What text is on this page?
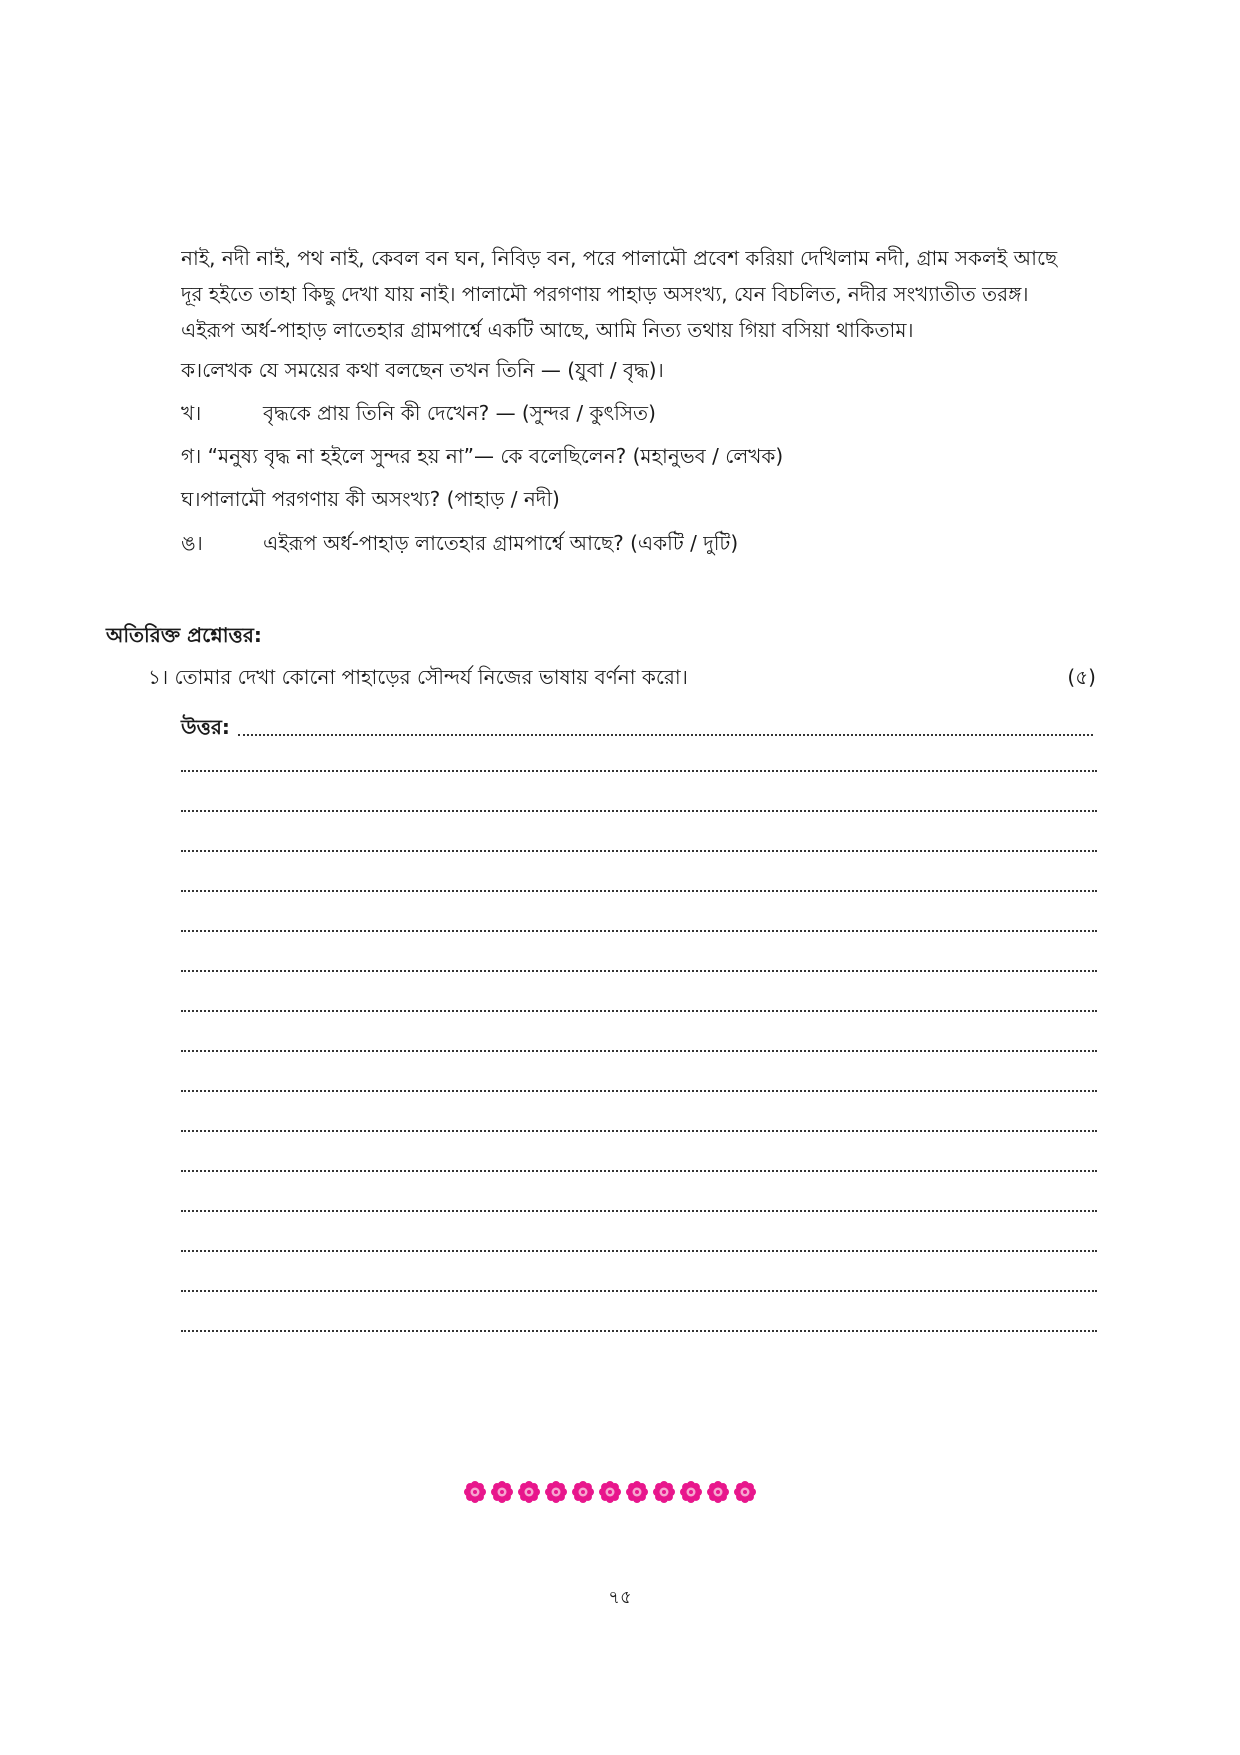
নাই, নদী নাই, পথ নাই, কেবল বন ঘন, নিবিড় বন, পরে পালামৌ প্রবেশ করিয়া দেখিলাম নদী, গ্রাম সকলই আছে
দূর হইতে তাহা কিছু দেখা যায় নাই। পালামৌ পরগণায় পাহাড় অসংখ্য, যেন বিচলিত, নদীর সংখ্যাতীত তরঙ্গ।
এইরূপ অর্ধ-পাহাড় লাতেহার গ্রামপার্শ্বে একটি আছে, আমি নিত্য তথায় গিয়া বসিয়া থাকিতাম।
ক।লেখক যে সময়ের কথা বলছেন তখন তিনি — (যুবা / বৃদ্ধ)।
খ।	বৃদ্ধকে প্রায় তিনি কী দেখেন? — (সুন্দর / কুৎসিত)
গ। “মনুষ্য বৃদ্ধ না হইলে সুন্দর হয় না”— কে বলেছিলেন? (মহানুভব / লেখক)
ঘ।পালামৌ পরগণায় কী অসংখ্য? (পাহাড় / নদী)
ঙ।	এইরূপ অর্ধ-পাহাড় লাতেহার গ্রামপার্শ্বে আছে? (একটি / দুটি)
অতিরিক্ত প্রশ্নোত্তর:
১। তোমার দেখা কোনো পাহাড়ের সৌন্দর্য নিজের ভাষায় বর্ণনা করো।	(৫)
উত্তর:
৭৫
